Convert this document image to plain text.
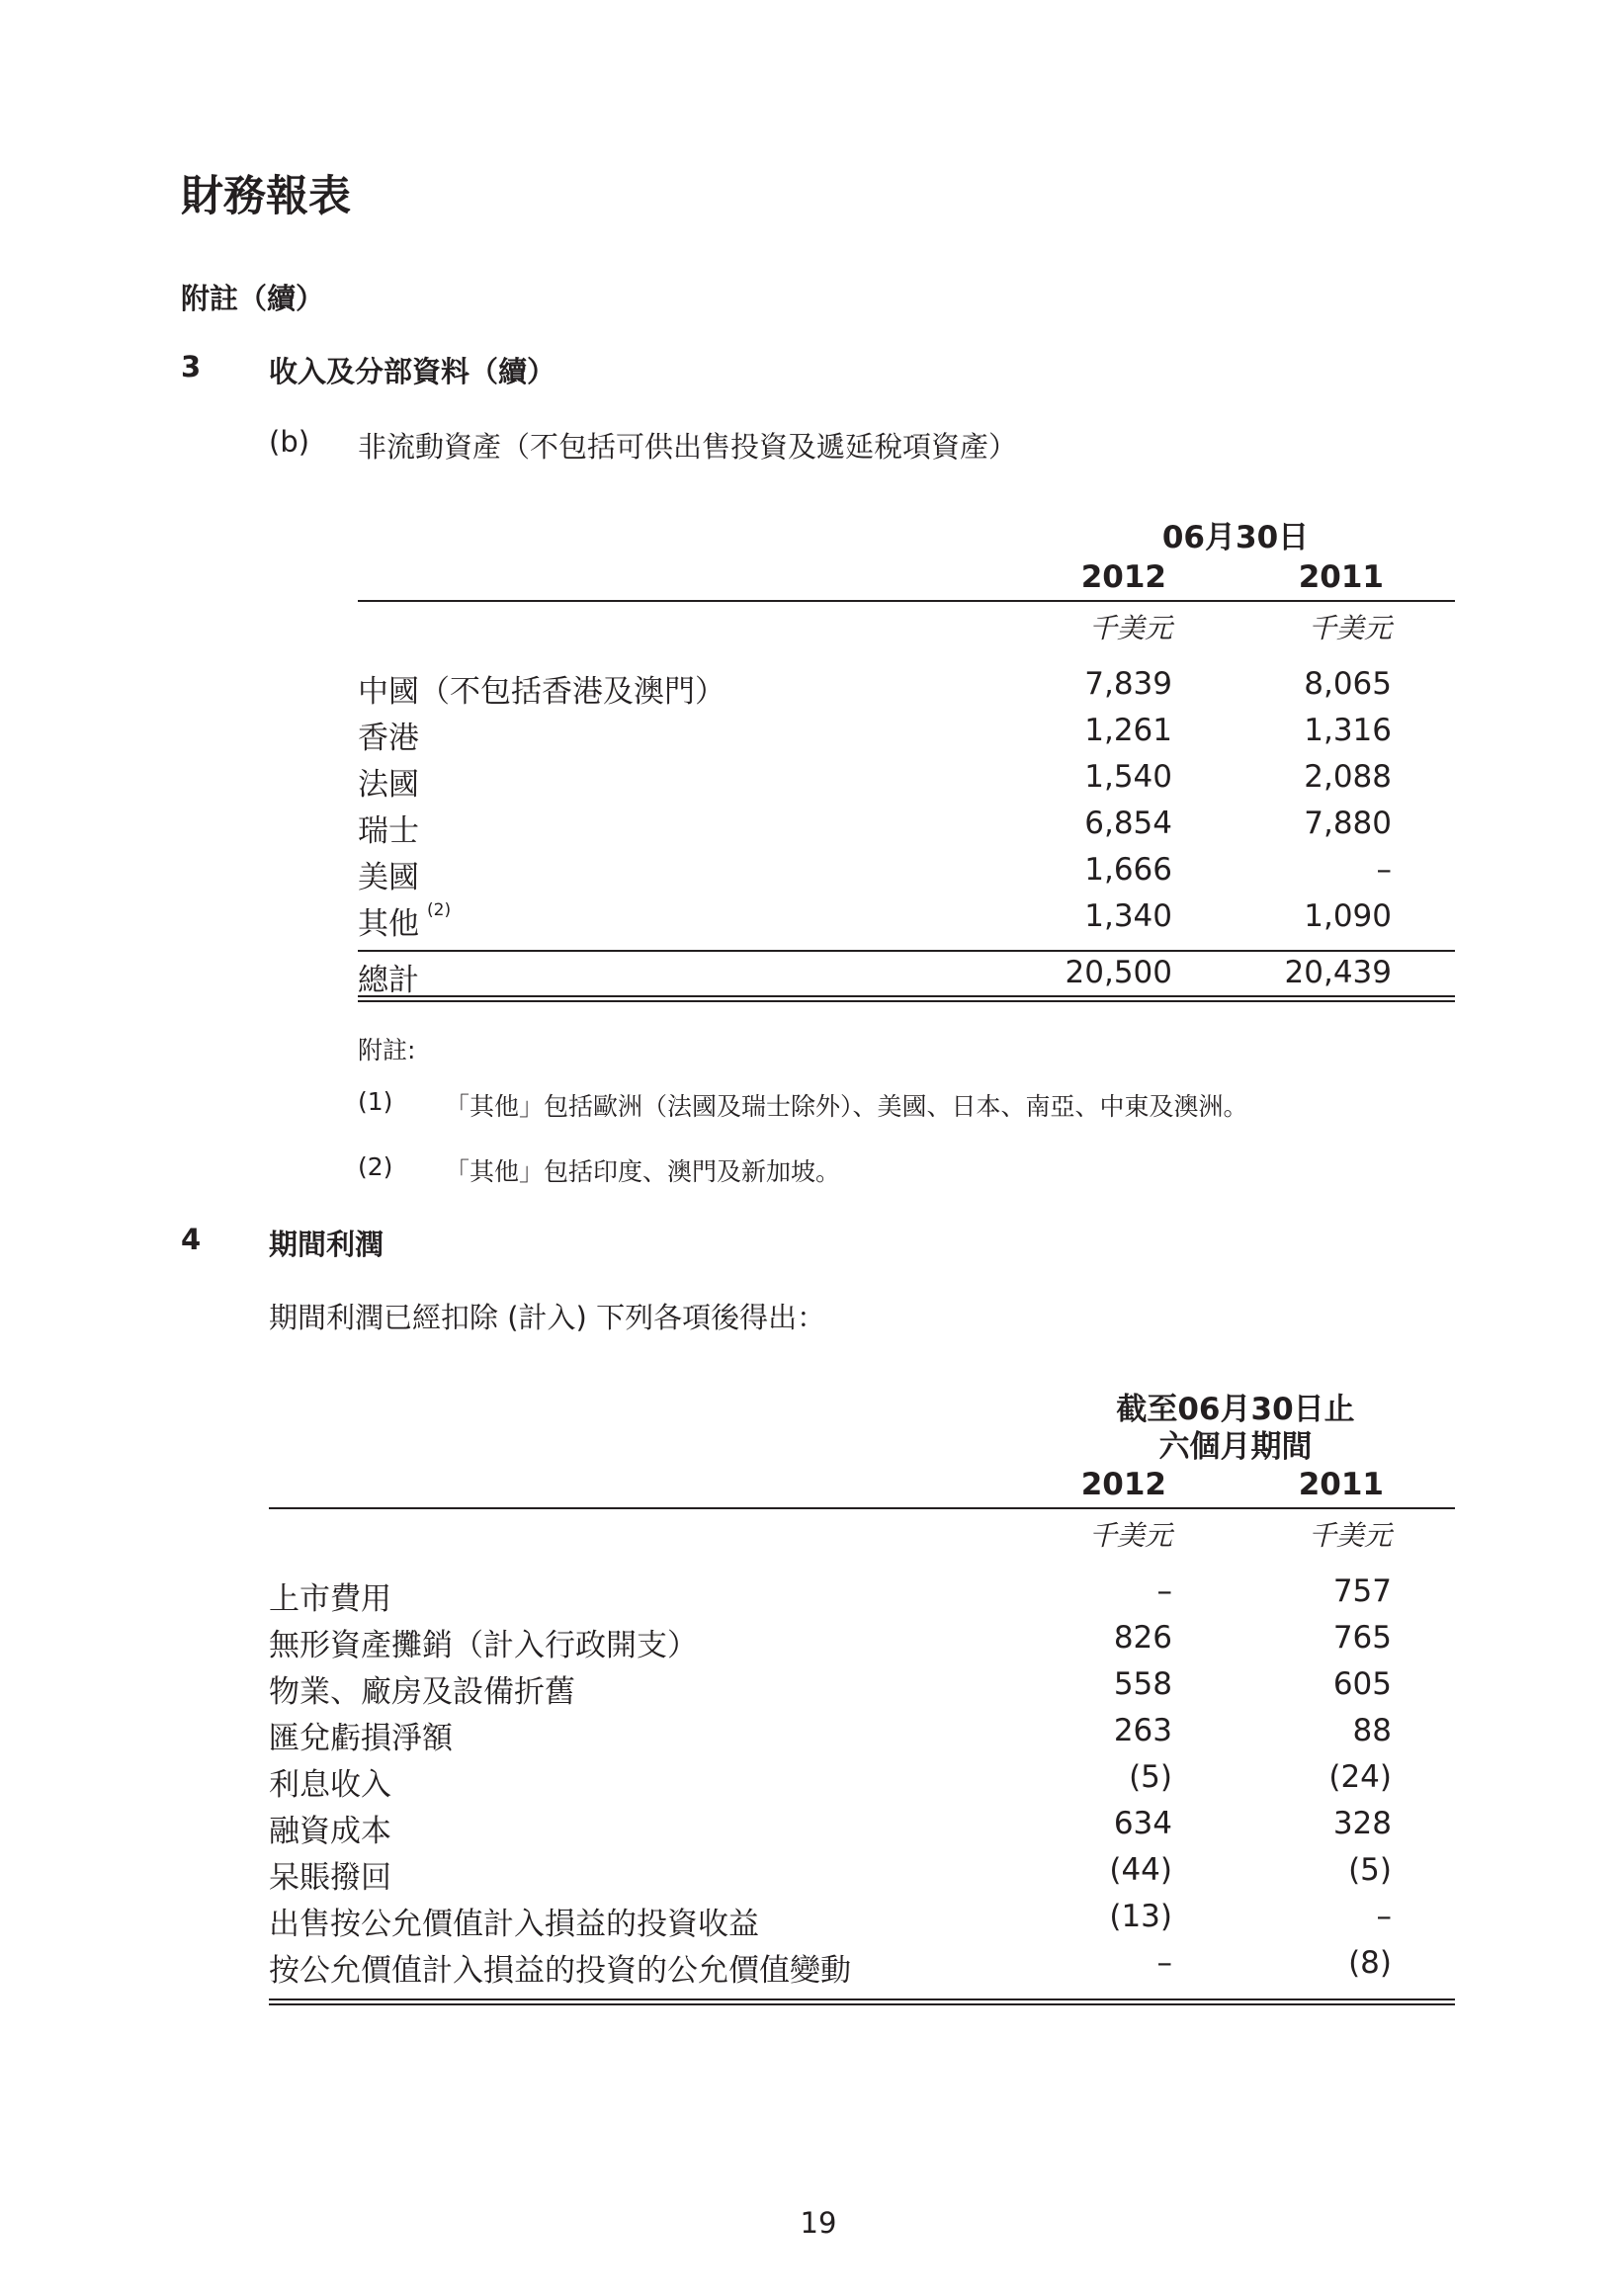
財務報表
附註（續）
3 收入及分部資料（續）
(b) 非流動資產（不包括可供出售投資及遞延稅項資產）
06月30日
2012	2011
千美元	千美元
中國（不包括香港及澳門）	7,839	8,065
香港	1,261	1,316
法國	1,540	2,088
瑞士	6,854	7,880
美國	1,666	–
其他 (2)	1,340	1,090
總計	20,500	20,439
附註:
(1) 「其他」包括歐洲（法國及瑞士除外）、美國、日本、南亞、中東及澳洲。
(2) 「其他」包括印度、澳門及新加坡。
4 期間利潤
期間利潤已經扣除 (計入) 下列各項後得出：
截至06月30日止
六個月期間
2012	2011
千美元	千美元
上市費用	–	757
無形資產攤銷（計入行政開支）	826	765
物業、廠房及設備折舊	558	605
匯兌虧損淨額	263	88
利息收入	(5)	(24)
融資成本	634	328
呆賬撥回	(44)	(5)
出售按公允價值計入損益的投資收益	(13)	–
按公允價值計入損益的投資的公允價值變動	–	(8)
19
